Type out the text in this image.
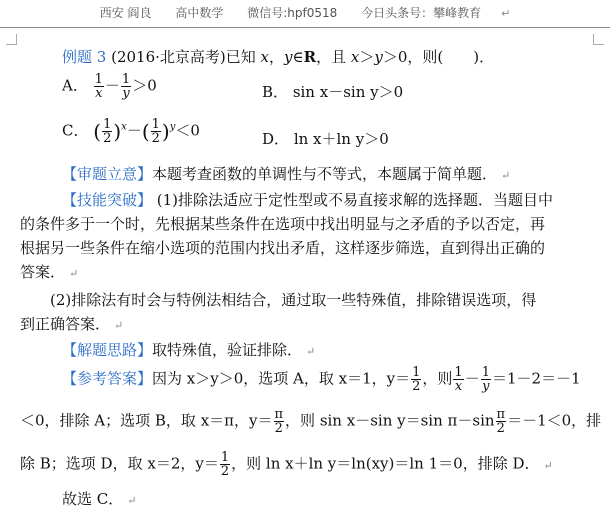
西安 阎良 高中数学 微信号:hpf0518 今日头条号：攀峰教育 ↵
例题 3 (2016·北京高考)已知 x，y∈R，且 x＞y＞0，则(　　)．
A． $\frac{1}{x} - \frac{1}{y} >0$	B． sin x－sin y＞0
C． ( $\frac{1}{2} )^x-( \frac{1}{2} )^y<0$	D． ln x＋ln y＞0
【审题立意】本题考查函数的单调性与不等式，本题属于简单题． ↵
【技能突破】 (1)排除法适应于定性型或不易直接求解的选择题．当题目中
的条件多于一个时，先根据某些条件在选项中找出明显与之矛盾的予以否定，再
根据另一些条件在缩小选项的范围内找出矛盾，这样逐步筛选，直到得出正确的
答案． ↵
(2)排除法有时会与特例法相结合，通过取一些特殊值，排除错误选项，得
到正确答案． ↵
【解题思路】取特殊值，验证排除． ↵
【参考答案】因为 x＞y＞0，选项 A，取 x＝1，$y= \frac{1}{2}$ ，则 $\frac{1}{x} - \frac{1}{y} =1-2=-1$
＜0，排除 A；选项 B，取 x＝π，$y= \frac{\pi}{2}$ ，则 sin x－sin y＝sin $\pi-\sin \frac{\pi}{2} =-1<0$，排
除 B；选项 D，取 x＝2，$y= \frac{1}{2}$ ，则 ln x＋ln y＝ln(xy)＝ln 1＝0，排除 D． ↵
故选 C． ↵
